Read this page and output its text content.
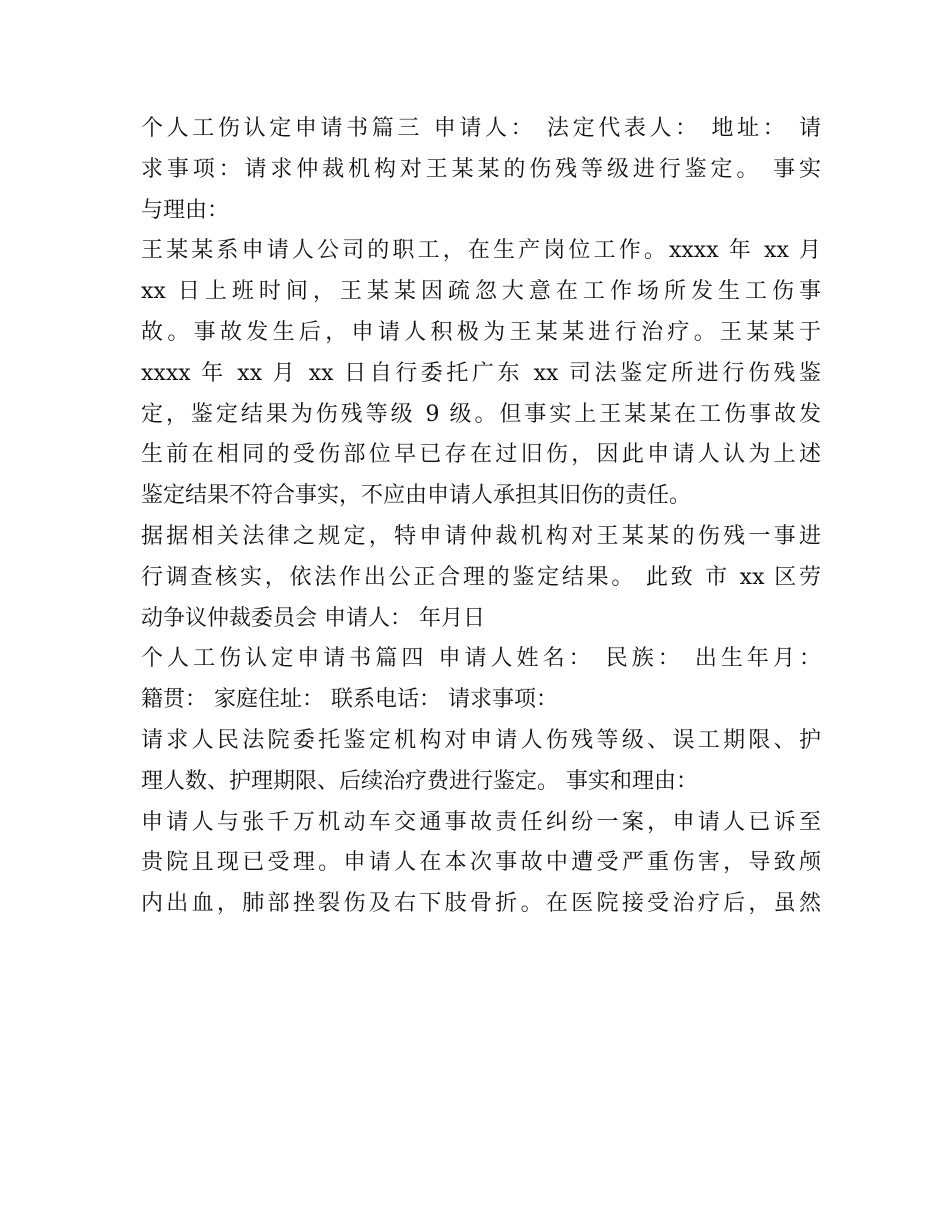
个人工伤认定申请书篇三 申请人： 法定代表人： 地址： 请
求事项：请求仲裁机构对王某某的伤残等级进行鉴定。 事实
与理由：
王某某系申请人公司的职工，在生产岗位工作。xxxx 年 xx 月
xx 日上班时间，王某某因疏忽大意在工作场所发生工伤事
故。事故发生后，申请人积极为王某某进行治疗。王某某于
xxxx 年 xx 月 xx 日自行委托广东 xx 司法鉴定所进行伤残鉴
定，鉴定结果为伤残等级 9 级。但事实上王某某在工伤事故发
生前在相同的受伤部位早已存在过旧伤，因此申请人认为上述
鉴定结果不符合事实，不应由申请人承担其旧伤的责任。
据据相关法律之规定，特申请仲裁机构对王某某的伤残一事进
行调查核实，依法作出公正合理的鉴定结果。 此致 市 xx 区劳
动争议仲裁委员会 申请人： 年月日
个人工伤认定申请书篇四 申请人姓名： 民族： 出生年月：
籍贯： 家庭住址： 联系电话： 请求事项：
请求人民法院委托鉴定机构对申请人伤残等级、误工期限、护
理人数、护理期限、后续治疗费进行鉴定。 事实和理由：
申请人与张千万机动车交通事故责任纠纷一案，申请人已诉至
贵院且现已受理。申请人在本次事故中遭受严重伤害，导致颅
内出血，肺部挫裂伤及右下肢骨折。在医院接受治疗后，虽然
